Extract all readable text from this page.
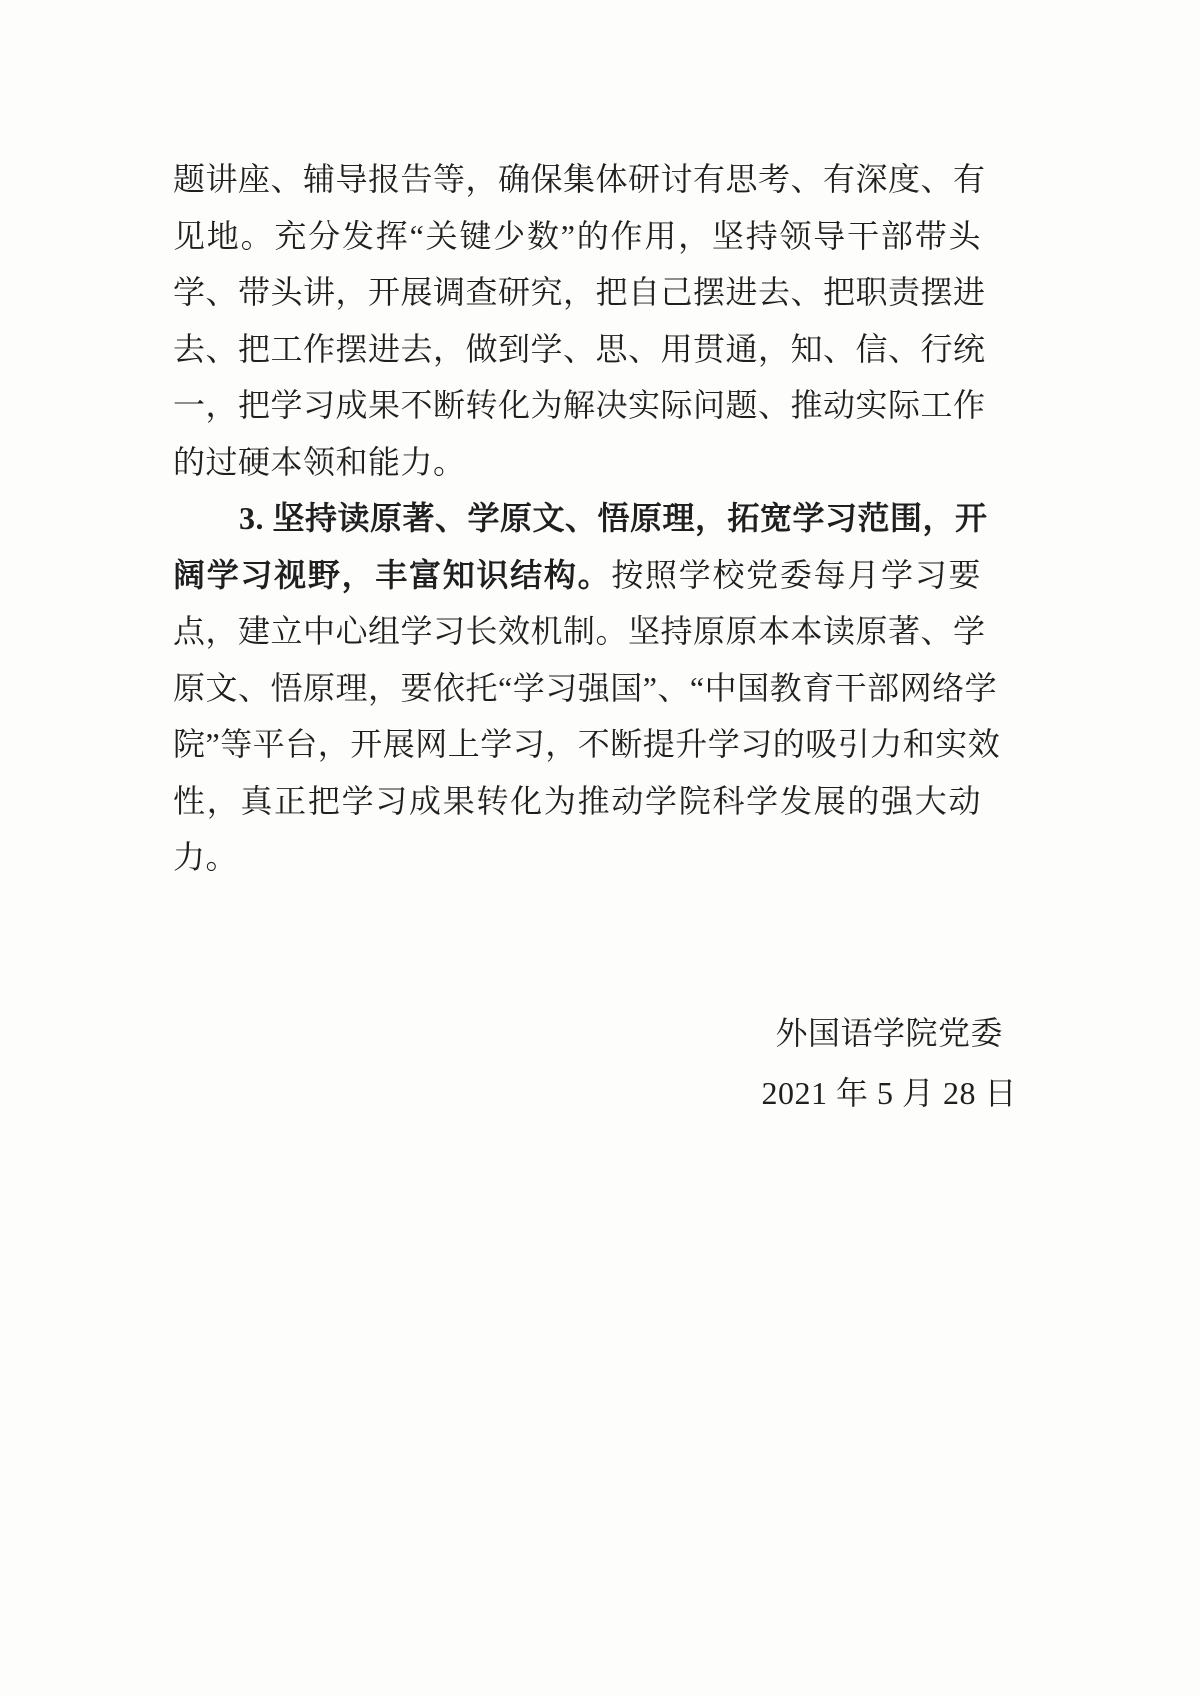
题讲座、辅导报告等，确保集体研讨有思考、有深度、有
见地。充分发挥“关键少数”的作用，坚持领导干部带头
学、带头讲，开展调查研究，把自己摆进去、把职责摆进
去、把工作摆进去，做到学、思、用贯通，知、信、行统
一，把学习成果不断转化为解决实际问题、推动实际工作
的过硬本领和能力。
3. 坚持读原著、学原文、悟原理，拓宽学习范围，开
阔学习视野，丰富知识结构。按照学校党委每月学习要
点，建立中心组学习长效机制。坚持原原本本读原著、学
原文、悟原理，要依托“学习强国”、“中国教育干部网络学
院”等平台，开展网上学习，不断提升学习的吸引力和实效
性，真正把学习成果转化为推动学院科学发展的强大动
力。
外国语学院党委
2021 年 5 月 28 日
